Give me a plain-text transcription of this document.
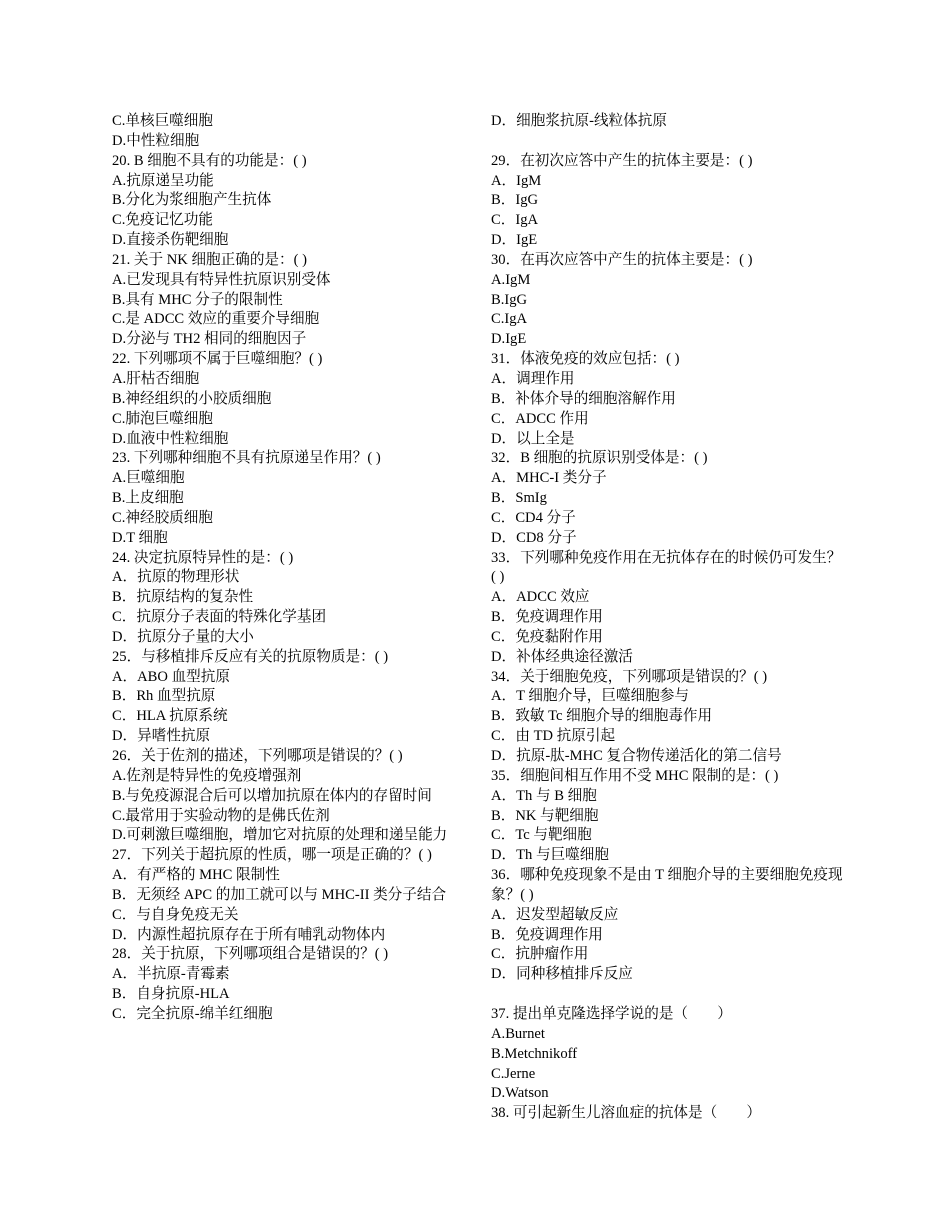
C.单核巨噬细胞
D.中性粒细胞
20. B 细胞不具有的功能是：( )
A.抗原递呈功能
B.分化为浆细胞产生抗体
C.免疫记忆功能
D.直接杀伤靶细胞
21. 关于 NK 细胞正确的是：( )
A.已发现具有特异性抗原识别受体
B.具有 MHC 分子的限制性
C.是 ADCC 效应的重要介导细胞
D.分泌与 TH2 相同的细胞因子
22. 下列哪项不属于巨噬细胞？( )
A.肝枯否细胞
B.神经组织的小胶质细胞
C.肺泡巨噬细胞
D.血液中性粒细胞
23. 下列哪种细胞不具有抗原递呈作用？( )
A.巨噬细胞
B.上皮细胞
C.神经胶质细胞
D.T 细胞
24. 决定抗原特异性的是：( )
A．抗原的物理形状
B．抗原结构的复杂性
C．抗原分子表面的特殊化学基团
D．抗原分子量的大小
25．与移植排斥反应有关的抗原物质是：( )
A．ABO 血型抗原
B．Rh 血型抗原
C．HLA 抗原系统
D．异嗜性抗原
26．关于佐剂的描述，下列哪项是错误的？( )
A.佐剂是特异性的免疫增强剂
B.与免疫源混合后可以增加抗原在体内的存留时间
C.最常用于实验动物的是佛氏佐剂
D.可刺激巨噬细胞，增加它对抗原的处理和递呈能力
27．下列关于超抗原的性质，哪一项是正确的？( )
A．有严格的 MHC 限制性
B．无须经 APC 的加工就可以与 MHC-II 类分子结合
C．与自身免疫无关
D．内源性超抗原存在于所有哺乳动物体内
28．关于抗原，下列哪项组合是错误的？( )
A．半抗原-青霉素
B．自身抗原-HLA
C．完全抗原-绵羊红细胞
D．细胞浆抗原-线粒体抗原
29．在初次应答中产生的抗体主要是：( )
A．IgM
B．IgG
C．IgA
D．IgE
30．在再次应答中产生的抗体主要是：( )
A.IgM
B.IgG
C.IgA
D.IgE
31．体液免疫的效应包括：( )
A．调理作用
B．补体介导的细胞溶解作用
C．ADCC 作用
D．以上全是
32．B 细胞的抗原识别受体是：( )
A．MHC-I 类分子
B．SmIg
C．CD4 分子
D．CD8 分子
33．下列哪种免疫作用在无抗体存在的时候仍可发生？( )
A．ADCC 效应
B．免疫调理作用
C．免疫黏附作用
D．补体经典途径激活
34．关于细胞免疫，下列哪项是错误的？( )
A．T 细胞介导，巨噬细胞参与
B．致敏 Tc 细胞介导的细胞毒作用
C．由 TD 抗原引起
D．抗原-肽-MHC 复合物传递活化的第二信号
35．细胞间相互作用不受 MHC 限制的是：( )
A．Th 与 B 细胞
B．NK 与靶细胞
C．Tc 与靶细胞
D．Th 与巨噬细胞
36．哪种免疫现象不是由 T 细胞介导的主要细胞免疫现象？( )
A．迟发型超敏反应
B．免疫调理作用
C．抗肿瘤作用
D．同种移植排斥反应
37. 提出单克隆选择学说的是（　　）
A.Burnet
B.Metchnikoff
C.Jerne
D.Watson
38. 可引起新生儿溶血症的抗体是（　　）
